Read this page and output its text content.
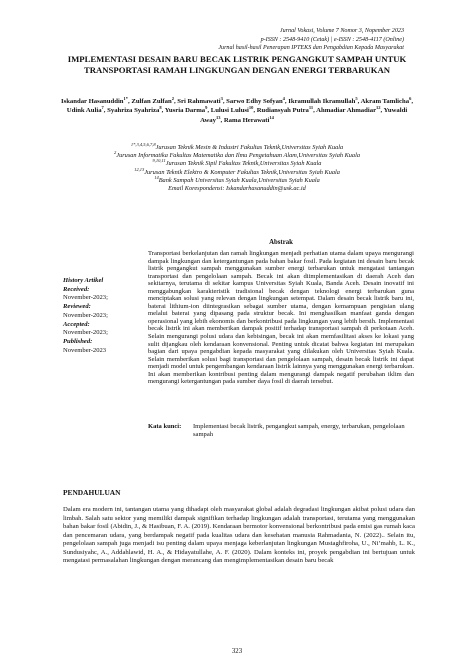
Jurnal Vokasi, Volume 7 Nomor 3, Nopember 2023
p-ISSN : 2548-9410 (Cetak) | e-ISSN : 2548-4117 (Online)
Jurnal hasil-hasil Penerapan IPTEKS dan Pengabdian Kepada Masyarakat
IMPLEMENTASI DESAIN BARU BECAK LISTRIK PENGANGKUT SAMPAH UNTUK TRANSPORTASI RAMAH LINGKUNGAN DENGAN ENERGI TERBARUKAN
Iskandar Hasanuddin$^{1*}$, Zulfan Zulfan$^2$, Sri Rahmawati$^3$, Sarwo Edhy Sofyan$^4$, Ikramullah Ikramullah$^5$, Akram Tamlicha$^6$, Udink Aulia$^7$, Syahriza Syahriza$^8$, Yusria Darma$^9$, Lulusi Lulusi$^{10}$, Rudiansyah Putra$^{11}$, Ahmadiar Ahmadiar$^{12}$, Yuwaldi Away$^{13}$, Rama Herawati$^{14}$
$^{1*,3,4,5,6,7,8}$Jurusan Teknik Mesin & Industri Fakultas Teknik,Universitas Syiah Kuala
$^2$Jurusan Informatika Fakultas Matematika dan Ilmu Pengetahuan Alam,Universitas Syiah Kuala
$^{9,10,11}$Jurusan Teknik Sipil Fakultas Teknik,Universitas Syiah Kuala
$^{12,13}$Jurusan Teknik Elektro & Komputer Fakultas Teknik,Universitas Syiah Kuala
$^{14}$Bank Sampah Universitas Syiah Kuala,Universitas Syiah Kuala
Email Korespondensi: Iskandarhasanuddin@usk.ac.id
History Artikel
Received:
November-2023;
Reviewed:
November-2023;
Accepted:
November-2023;
Published:
November-2023
Abstrak
Transportasi berkelanjutan dan ramah lingkungan menjadi perhatian utama dalam upaya mengurangi dampak lingkungan dan ketergantungan pada bahan bakar fosil. Pada kegiatan ini desain baru becak listrik pengangkut sampah menggunakan sumber energi terbarukan untuk mengatasi tantangan transportasi dan pengelolaan sampah. Becak ini akan diimplementasikan di daerah Aceh dan sekitarnya, terutama di sekitar kampus Universitas Syiah Kuala, Banda Aceh. Desain inovatif ini menggabungkan karakteristik tradisional becak dengan teknologi energi terbarukan guna menciptakan solusi yang relevan dengan lingkungan setempat. Dalam desain becak listrik baru ini, baterai lithium-ion diintegrasikan sebagai sumber utama, dengan kemampuan pengisian ulang melalui baterai yang dipasang pada struktur becak. Ini menghasilkan manfaat ganda dengan operasional yang lebih ekonomis dan berkontribusi pada lingkungan yang lebih bersih. Implementasi becak listrik ini akan memberikan dampak positif terhadap transportasi sampah di perkotaan Aceh. Selain mengurangi polusi udara dan kebisingan, becak ini akan memfasilitasi akses ke lokasi yang sulit dijangkau oleh kendaraan konvensional. Penting untuk dicatat bahwa kegiatan ini merupakan bagian dari upaya pengabdian kepada masyarakat yang dilakukan oleh Universitas Syiah Kuala. Selain memberikan solusi bagi transportasi dan pengelolaan sampah, desain becak listrik ini dapat menjadi model untuk pengembangan kendaraan listrik lainnya yang menggunakan energi terbarukan. Ini akan memberikan kontribusi penting dalam mengurangi dampak negatif perubahan iklim dan mengurangi ketergantungan pada sumber daya fosil di daerah tersebut.
Kata kunci:	Implementasi becak listrik, pengangkut sampah, energy, terbarukan, pengelolaan sampah
PENDAHULUAN
Dalam era modern ini, tantangan utama yang dihadapi oleh masyarakat global adalah degradasi lingkungan akibat polusi udara dan limbah. Salah satu sektor yang memiliki dampak signifikan terhadap lingkungan adalah transportasi, terutama yang menggunakan bahan bakar fosil (Abidin, J., & Hasibuan, F. A. (2019). Kendaraan bermotor konvensional berkontribusi pada emisi gas rumah kaca dan pencemaran udara, yang berdampak negatif pada kualitas udara dan kesehatan manusia Rahmadania, N. (2022).. Selain itu, pengelolaan sampah juga menjadi isu penting dalam upaya menjaga keberlanjutan lingkungan Mustaghfiroha, U., Ni’mahb, L. K., Sundusiyahc, A., Addahlawid, H. A., & Hidayatullahe, A. F. (2020). Dalam konteks ini, proyek pengabdian ini bertujuan untuk mengatasi permasalahan lingkungan dengan merancang dan mengimplementasikan desain baru becak
323
